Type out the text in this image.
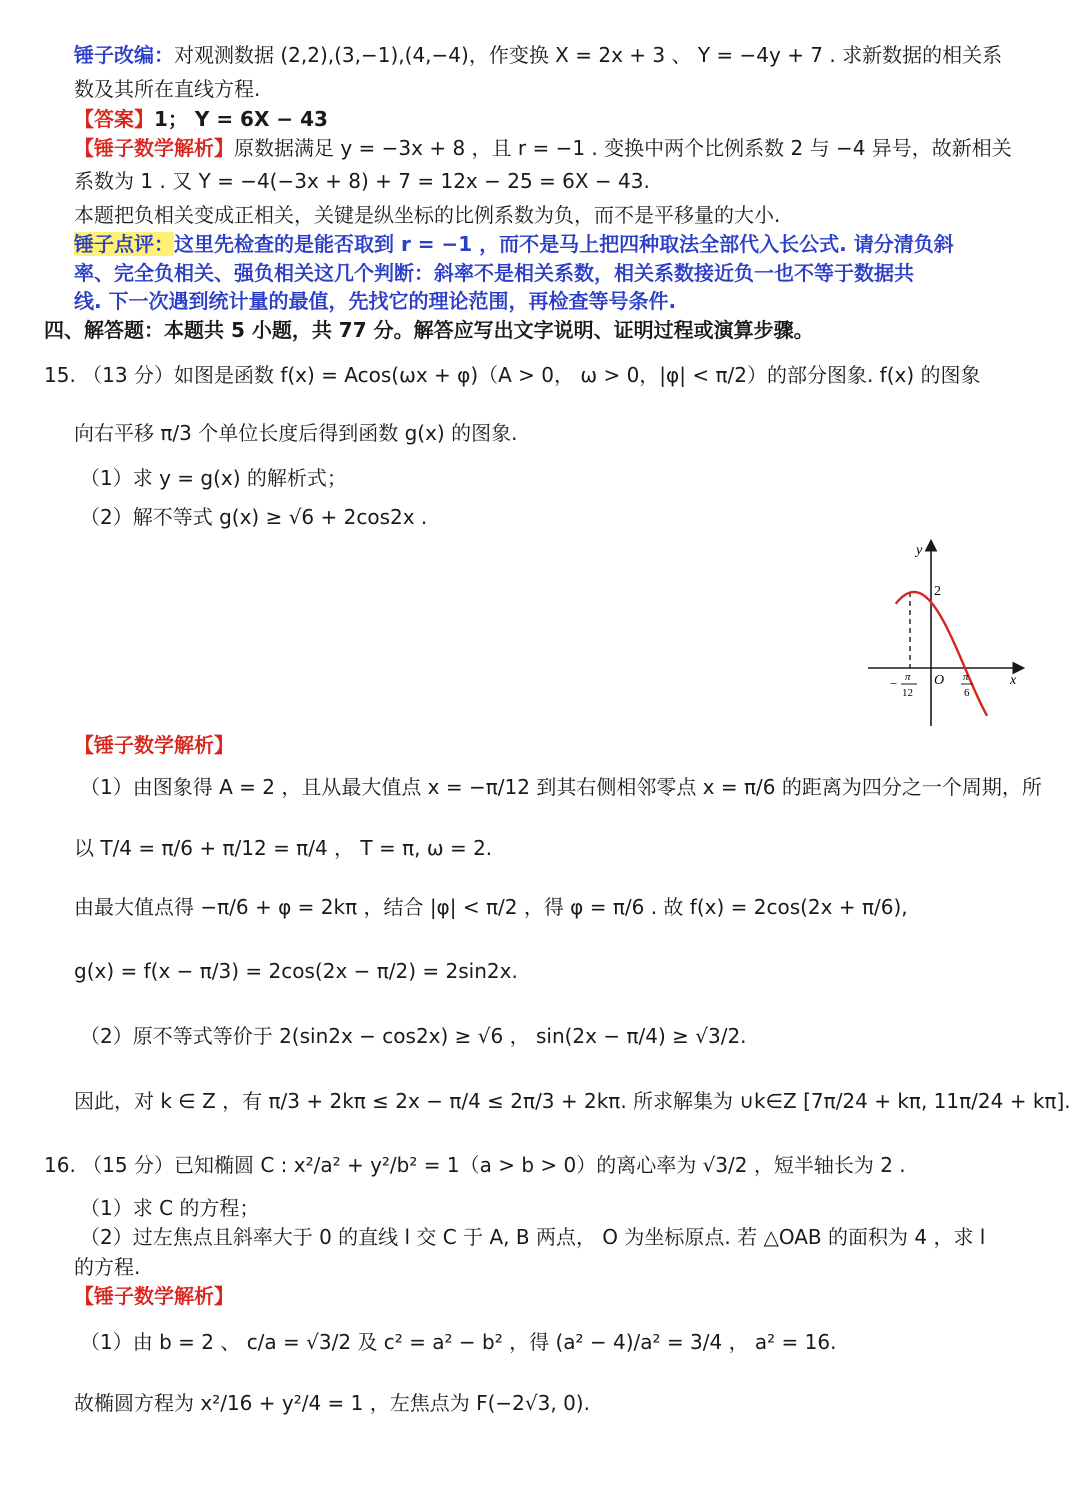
锤子改编：对观测数据 (2,2),(3,−1),(4,−4)，作变换 X = 2x + 3 、 Y = −4y + 7 . 求新数据的相关系
数及其所在直线方程.
【答案】1； Y = 6X − 43
【锤子数学解析】原数据满足 y = −3x + 8 ，且 r = −1 . 变换中两个比例系数 2 与 −4 异号，故新相关
系数为 1 . 又 Y = −4(−3x + 8) + 7 = 12x − 25 = 6X − 43.
本题把负相关变成正相关，关键是纵坐标的比例系数为负，而不是平移量的大小.
锤子点评：这里先检查的是能否取到 r = −1 ，而不是马上把四种取法全部代入长公式. 请分清负斜
率、完全负相关、强负相关这几个判断：斜率不是相关系数，相关系数接近负一也不等于数据共
线. 下一次遇到统计量的最值，先找它的理论范围，再检查等号条件.
四、解答题：本题共 5 小题，共 77 分。解答应写出文字说明、证明过程或演算步骤。
15. （13 分）如图是函数 f(x) = Acos(ωx + φ)（A > 0， ω > 0，|φ| < π/2）的部分图象. f(x) 的图象
向右平移 π/3 个单位长度后得到函数 g(x) 的图象.
（1）求 y = g(x) 的解析式；
（2）解不等式 g(x) ≥ √6 + 2cos2x .
【锤子数学解析】
（1）由图象得 A = 2 ，且从最大值点 x = −π/12 到其右侧相邻零点 x = π/6 的距离为四分之一个周期，所
以 T/4 = π/6 + π/12 = π/4 ， T = π, ω = 2.
由最大值点得 −π/6 + φ = 2kπ ，结合 |φ| < π/2 ，得 φ = π/6 . 故 f(x) = 2cos(2x + π/6),
g(x) = f(x − π/3) = 2cos(2x − π/2) = 2sin2x.
（2）原不等式等价于 2(sin2x − cos2x) ≥ √6 ， sin(2x − π/4) ≥ √3/2.
因此，对 k ∈ Z ，有 π/3 + 2kπ ≤ 2x − π/4 ≤ 2π/3 + 2kπ. 所求解集为 ∪k∈Z [7π/24 + kπ, 11π/24 + kπ].
16. （15 分）已知椭圆 C : x²/a² + y²/b² = 1（a > b > 0）的离心率为 √3/2 ，短半轴长为 2 .
（1）求 C 的方程；
（2）过左焦点且斜率大于 0 的直线 l 交 C 于 A, B 两点， O 为坐标原点. 若 △OAB 的面积为 4 ，求 l
的方程.
【锤子数学解析】
（1）由 b = 2 、 c/a = √3/2 及 c² = a² − b² ，得 (a² − 4)/a² = 3/4 ， a² = 16.
故椭圆方程为 x²/16 + y²/4 = 1 ，左焦点为 F(−2√3, 0).
y
x
O
2
− π
12
π
6
